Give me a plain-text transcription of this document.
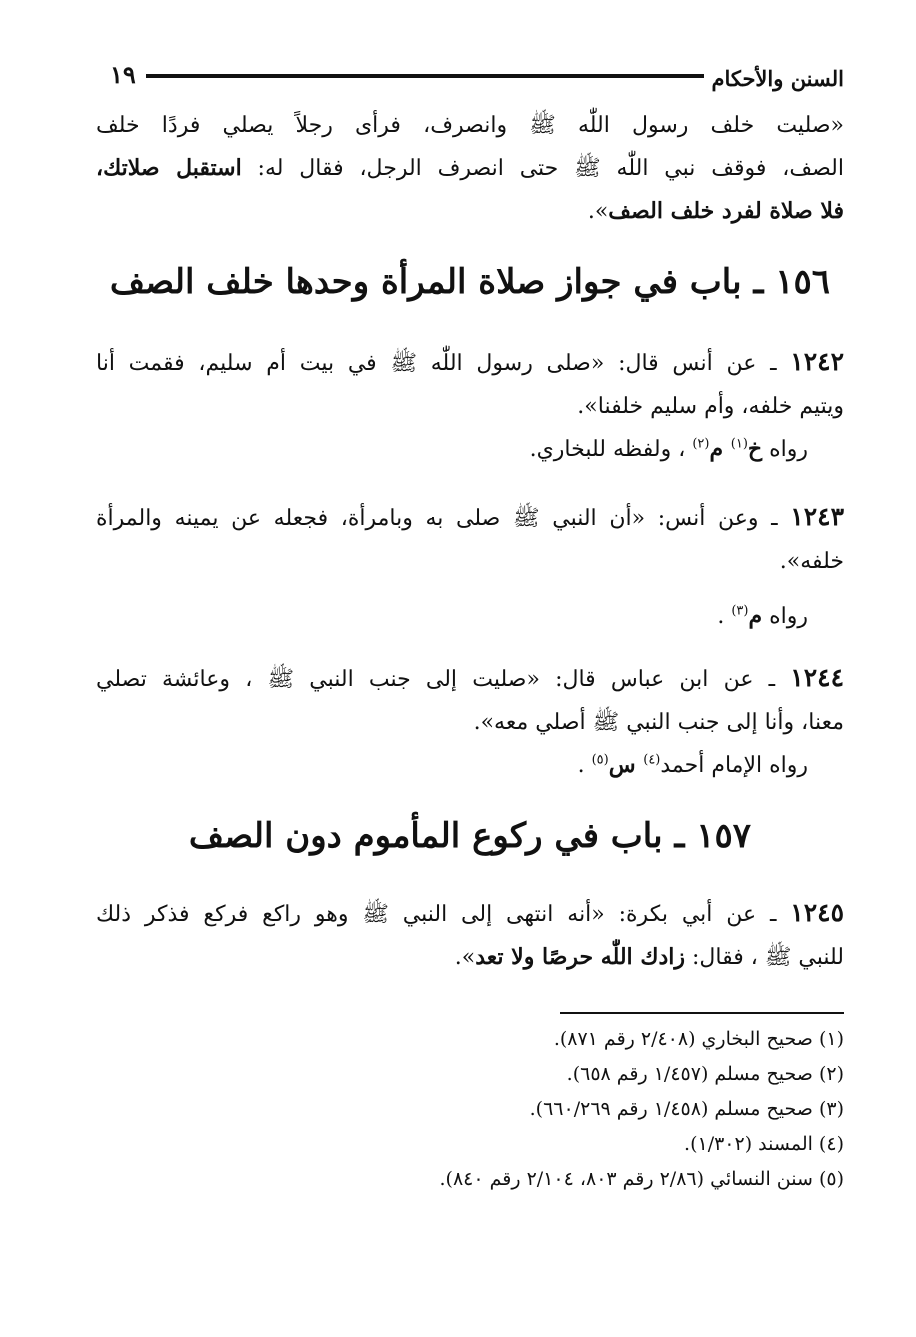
السنن والأحكام
١٩
«صليت خلف رسول اللّٰه ﷺ وانصرف، فرأى رجلاً يصلي فردًا خلف
الصف، فوقف نبي اللّٰه ﷺ حتى انصرف الرجل، فقال له: استقبل صلاتك،
فلا صلاة لفرد خلف الصف».
١٥٦ ـ باب في جواز صلاة المرأة وحدها خلف الصف
١٢٤٢ ـ عن أنس قال: «صلى رسول اللّٰه ﷺ في بيت أم سليم، فقمت أنا
ويتيم خلفه، وأم سليم خلفنا».
رواه خ$^{(١)}$ م$^{(٢)}$ ، ولفظه للبخاري.
١٢٤٣ ـ وعن أنس: «أن النبي ﷺ صلى به وبامرأة، فجعله عن يمينه والمرأة
خلفه».
رواه م$^{(٣)}$ .
١٢٤٤ ـ عن ابن عباس قال: «صليت إلى جنب النبي ﷺ ، وعائشة تصلي
معنا، وأنا إلى جنب النبي ﷺ أصلي معه».
رواه الإمام أحمد$^{(٤)}$ س$^{(٥)}$ .
١٥٧ ـ باب في ركوع المأموم دون الصف
١٢٤٥ ـ عن أبي بكرة: «أنه انتهى إلى النبي ﷺ وهو راكع فركع فذكر ذلك
للنبي ﷺ ، فقال: زادك اللّٰه حرصًا ولا تعد».
(١) صحيح البخاري (٢/٤٠٨ رقم ٨٧١).
(٢) صحيح مسلم (١/٤٥٧ رقم ٦٥٨).
(٣) صحيح مسلم (١/٤٥٨ رقم ٦٦٠/٢٦٩).
(٤) المسند (١/٣٠٢).
(٥) سنن النسائي (٢/٨٦ رقم ٨٠٣، ٢/١٠٤ رقم ٨٤٠).
